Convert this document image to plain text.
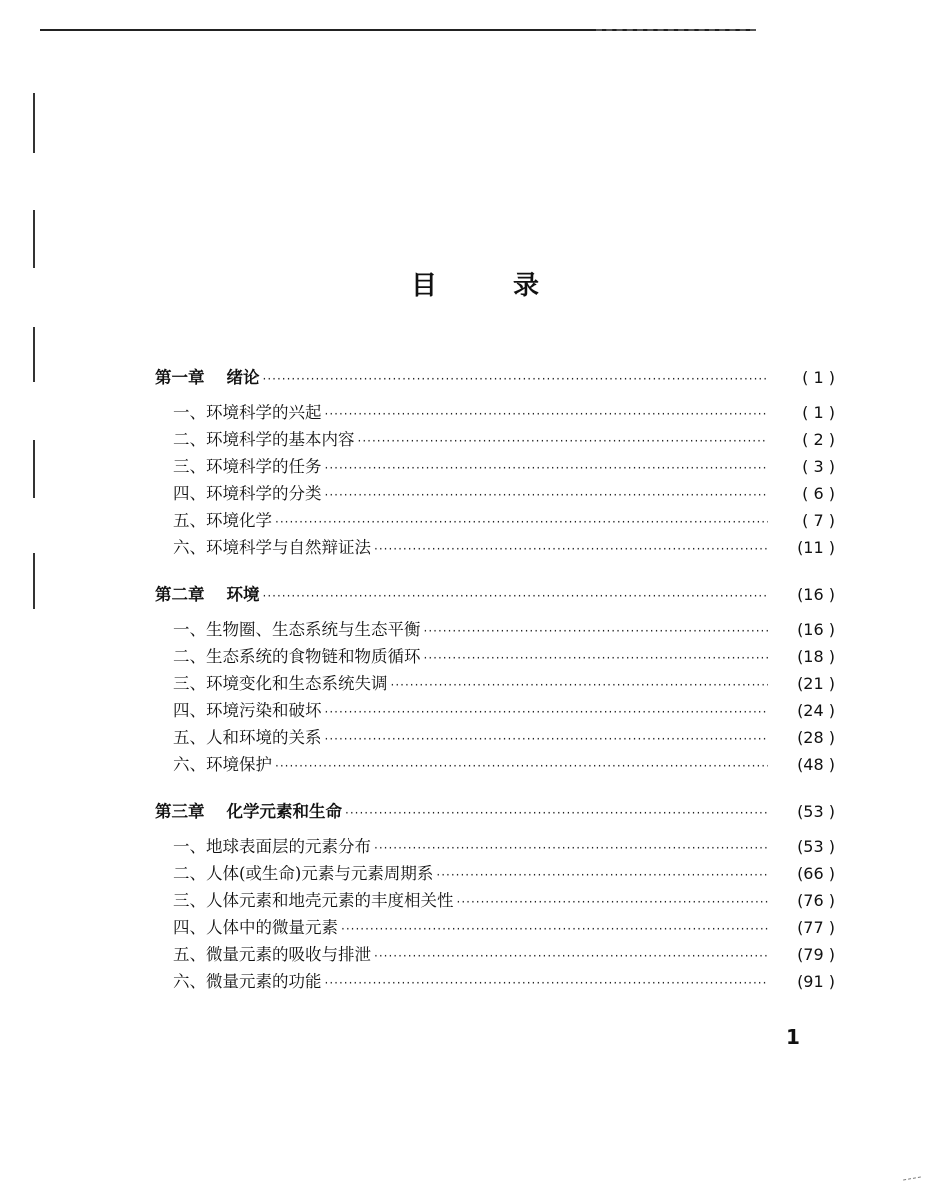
目	录
第一章 绪论 ·····	( 1 )
一、环境科学的兴起 ·····	( 1 )
二、环境科学的基本内容 ·····	( 2 )
三、环境科学的任务 ·····	( 3 )
四、环境科学的分类 ·····	( 6 )
五、环境化学 ·····	( 7 )
六、环境科学与自然辩证法 ·····	(11 )
第二章 环境 ·····	(16 )
一、生物圈、生态系统与生态平衡 ·····	(16 )
二、生态系统的食物链和物质循环 ·····	(18 )
三、环境变化和生态系统失调 ·····	(21 )
四、环境污染和破坏 ·····	(24 )
五、人和环境的关系 ·····	(28 )
六、环境保护 ·····	(48 )
第三章 化学元素和生命 ·····	(53 )
一、地球表面层的元素分布 ·····	(53 )
二、人体(或生命)元素与元素周期系 ·····	(66 )
三、人体元素和地壳元素的丰度相关性 ·····	(76 )
四、人体中的微量元素 ·····	(77 )
五、微量元素的吸收与排泄 ·····	(79 )
六、微量元素的功能 ·····	(91 )
1
